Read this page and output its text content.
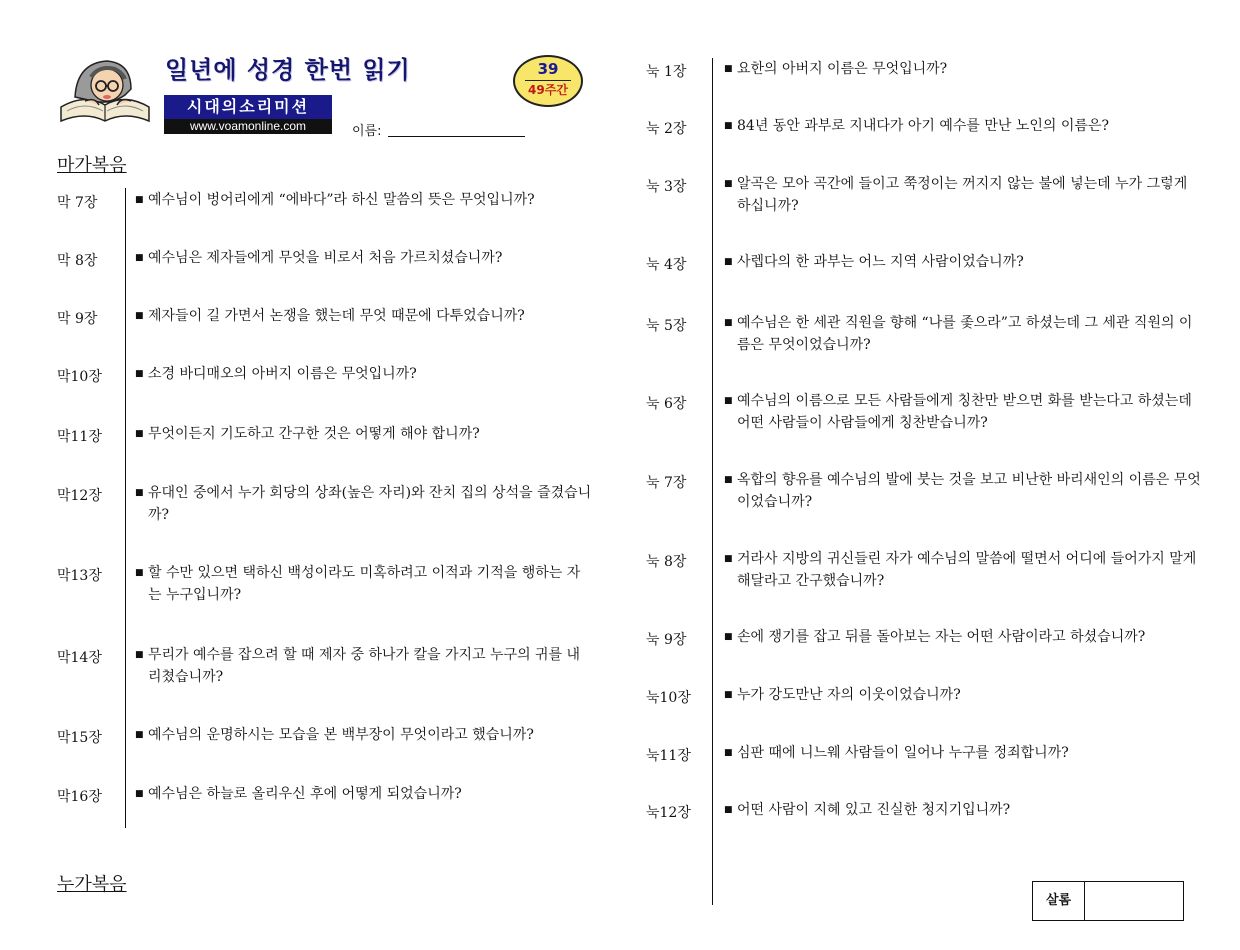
일년에 성경 한번 읽기	39
49주간
시대의소리미션
www.voamonline.com	이름:
마가복음
누가복음
막 7장	■ 예수님이 벙어리에게 “에바다”라 하신 말씀의 뜻은 무엇입니까?
막 8장	■ 예수님은 제자들에게 무엇을 비로서 처음 가르치셨습니까?
막 9장	■ 제자들이 길 가면서 논쟁을 했는데 무엇 때문에 다투었습니까?
막10장	■ 소경 바디매오의 아버지 이름은 무엇입니까?
막11장	■ 무엇이든지 기도하고 간구한 것은 어떻게 해야 합니까?
막12장	■ 유대인 중에서 누가 회당의 상좌(높은 자리)와 잔치 집의 상석을 즐겼습니까?
막13장	■ 할 수만 있으면 택하신 백성이라도 미혹하려고 이적과 기적을 행하는 자는 누구입니까?
막14장	■ 무리가 예수를 잡으려 할 때 제자 중 하나가 칼을 가지고 누구의 귀를 내리쳤습니까?
막15장	■ 예수님의 운명하시는 모습을 본 백부장이 무엇이라고 했습니까?
막16장	■ 예수님은 하늘로 올리우신 후에 어떻게 되었습니까?
눅 1장	■ 요한의 아버지 이름은 무엇입니까?
눅 2장	■ 84년 동안 과부로 지내다가 아기 예수를 만난 노인의 이름은?
눅 3장	■ 알곡은 모아 곡간에 들이고 쭉정이는 꺼지지 않는 불에 넣는데 누가 그렇게 하십니까?
눅 4장	■ 사렙다의 한 과부는 어느 지역 사람이었습니까?
눅 5장	■ 예수님은 한 세관 직원을 향해 “나를 좇으라”고 하셨는데 그 세관 직원의 이름은 무엇이었습니까?
눅 6장	■ 예수님의 이름으로 모든 사람들에게 칭찬만 받으면 화를 받는다고 하셨는데 어떤 사람들이 사람들에게 칭찬받습니까?
눅 7장	■ 옥합의 향유를 예수님의 발에 붓는 것을 보고 비난한 바리새인의 이름은 무엇이었습니까?
눅 8장	■ 거라사 지방의 귀신들린 자가 예수님의 말씀에 떨면서 어디에 들어가지 말게 해달라고 간구했습니까?
눅 9장	■ 손에 쟁기를 잡고 뒤를 돌아보는 자는 어떤 사람이라고 하셨습니까?
눅10장	■ 누가 강도만난 자의 이웃이었습니까?
눅11장	■ 심판 때에 니느웨 사람들이 일어나 누구를 정죄합니까?
눅12장	■ 어떤 사람이 지혜 있고 진실한 청지기입니까?
살롬
